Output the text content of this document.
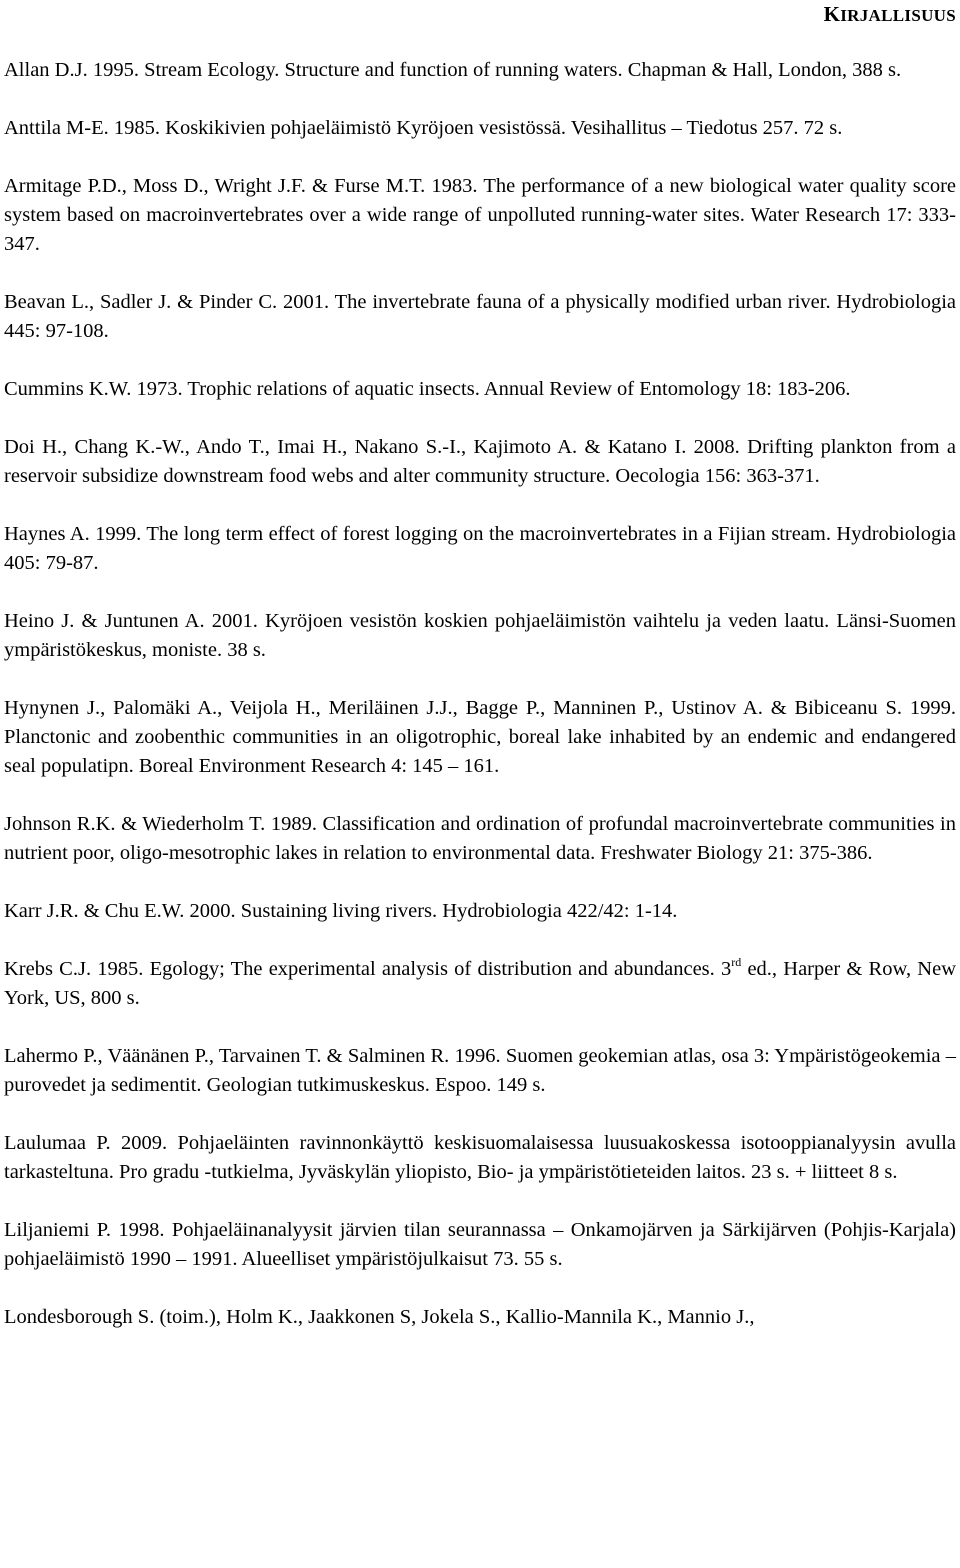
KIRJALLISUUS

Allan D.J. 1995. Stream Ecology. Structure and function of running waters. Chapman & Hall, London, 388 s.

Anttila M-E. 1985. Koskikivien pohjaeläimistö Kyröjoen vesistössä. Vesihallitus – Tiedotus 257. 72 s.

Armitage P.D., Moss D., Wright J.F. & Furse M.T. 1983. The performance of a new biological water quality score system based on macroinvertebrates over a wide range of unpolluted running-water sites. Water Research 17: 333-347.

Beavan L., Sadler J. & Pinder C. 2001. The invertebrate fauna of a physically modified urban river. Hydrobiologia 445: 97-108.

Cummins K.W. 1973. Trophic relations of aquatic insects. Annual Review of Entomology 18: 183-206.

Doi H., Chang K.-W., Ando T., Imai H., Nakano S.-I., Kajimoto A. & Katano I. 2008. Drifting plankton from a reservoir subsidize downstream food webs and alter community structure. Oecologia 156: 363-371.

Haynes A. 1999. The long term effect of forest logging on the macroinvertebrates in a Fijian stream. Hydrobiologia 405: 79-87.

Heino J. & Juntunen A. 2001. Kyröjoen vesistön koskien pohjaeläimistön vaihtelu ja veden laatu. Länsi-Suomen ympäristökeskus, moniste. 38 s.

Hynynen J., Palomäki A., Veijola H., Meriläinen J.J., Bagge P., Manninen P., Ustinov A. & Bibiceanu S. 1999. Planctonic and zoobenthic communities in an oligotrophic, boreal lake inhabited by an endemic and endangered seal populatipn. Boreal Environment Research 4: 145 – 161.

Johnson R.K. & Wiederholm T. 1989. Classification and ordination of profundal macroinvertebrate communities in nutrient poor, oligo-mesotrophic lakes in relation to environmental data. Freshwater Biology 21: 375-386.

Karr J.R. & Chu E.W. 2000. Sustaining living rivers. Hydrobiologia 422/42: 1-14.

Krebs C.J. 1985. Egology; The experimental analysis of distribution and abundances. 3rd ed., Harper & Row, New York, US, 800 s.

Lahermo P., Väänänen P., Tarvainen T. & Salminen R. 1996. Suomen geokemian atlas, osa 3: Ympäristögeokemia – purovedet ja sedimentit. Geologian tutkimuskeskus. Espoo. 149 s.

Laulumaa P. 2009. Pohjaeläinten ravinnonkäyttö keskisuomalaisessa luusuakoskessa isotooppianalyysin avulla tarkasteltuna. Pro gradu -tutkielma, Jyväskylän yliopisto, Bio- ja ympäristötieteiden laitos. 23 s. + liitteet 8 s.

Liljaniemi P. 1998. Pohjaeläinanalyysit järvien tilan seurannassa – Onkamojärven ja Särkijärven (Pohjis-Karjala) pohjaeläimistö 1990 – 1991. Alueelliset ympäristöjulkaisut 73. 55 s.

Londesborough S. (toim.), Holm K., Jaakkonen S, Jokela S., Kallio-Mannila K., Mannio J.,
